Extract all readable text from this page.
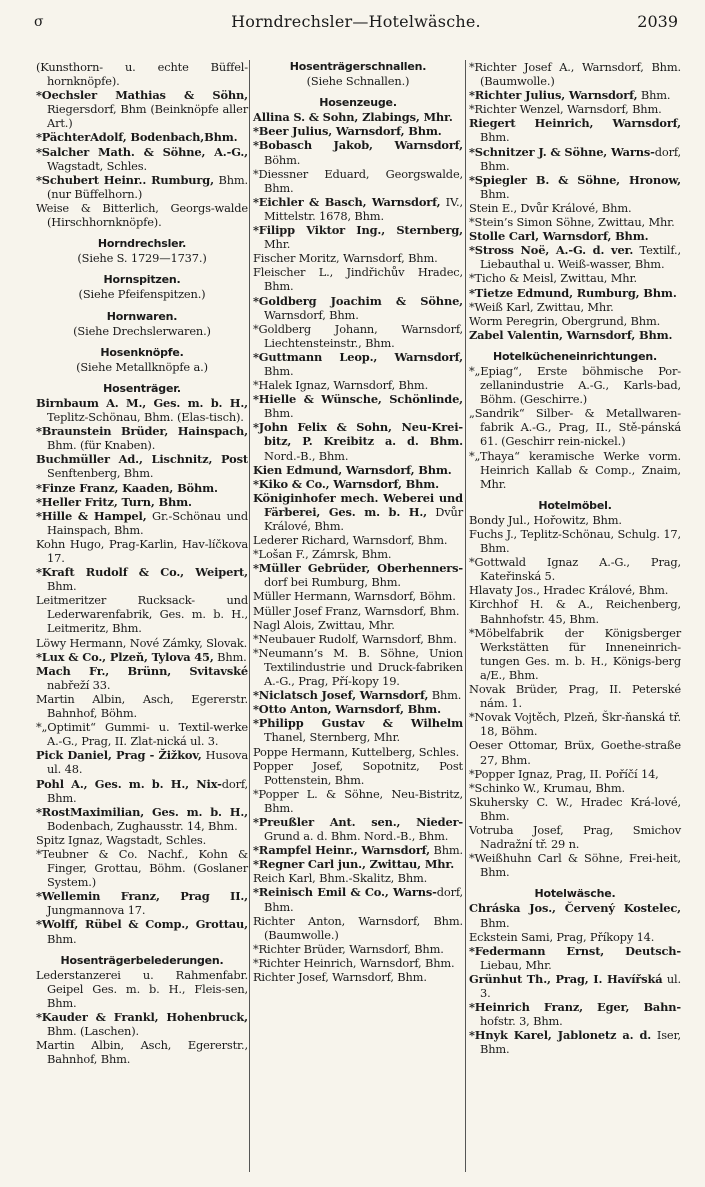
σ	Horndrechsler—Hotelwäsche.	2039
(Kunsthorn- u. echte Büffel-hornknöpfe).
*Oechsler Mathias & Söhn, Riegersdorf, Bhm (Beinknöpfe aller Art.)
*PächterAdolf, Bodenbach,Bhm.
*Salcher Math. & Söhne, A.-G., Wagstadt, Schles.
*Schubert Heinr.. Rumburg, Bhm. (nur Büffelhorn.)
Weise & Bitterlich, Georgs-walde (Hirschhornknöpfe).
Horndrechsler.
(Siehe S. 1729—1737.)
Hornspitzen.
(Siehe Pfeifenspitzen.)
Hornwaren.
(Siehe Drechslerwaren.)
Hosenknöpfe.
(Siehe Metallknöpfe a.)
Hosenträger.
Birnbaum A. M., Ges. m. b. H., Teplitz-Schönau, Bhm. (Elas-tisch).
*Braunstein Brüder, Hainspach, Bhm. (für Knaben).
Buchmüller Ad., Lischnitz, Post Senftenberg, Bhm.
*Finze Franz, Kaaden, Böhm.
*Heller Fritz, Turn, Bhm.
*Hille & Hampel, Gr.-Schönau und Hainspach, Bhm.
Kohn Hugo, Prag-Karlin, Hav-líčkova 17.
*Kraft Rudolf & Co., Weipert, Bhm.
Leitmeritzer Rucksack- und Lederwarenfabrik, Ges. m. b. H., Leitmeritz, Bhm.
Löwy Hermann, Nové Zámky, Slovak.
*Lux & Co., Plzeň, Tylova 45, Bhm.
Mach Fr., Brünn, Svitavské nabřeží 33.
Martin Albin, Asch, Egererstr. Bahnhof, Böhm.
*„Optimit“ Gummi- u. Textil-werke A.-G., Prag, II. Zlat-nická ul. 3.
Pick Daniel, Prag - Žižkov, Husova ul. 48.
Pohl A., Ges. m. b. H., Nix-dorf, Bhm.
*RostMaximilian, Ges. m. b. H., Bodenbach, Zughausstr. 14, Bhm.
Spitz Ignaz, Wagstadt, Schles.
*Teubner & Co. Nachf., Kohn & Finger, Grottau, Böhm. (Goslaner System.)
*Wellemin Franz, Prag II., Jungmannova 17.
*Wolff, Rübel & Comp., Grottau, Bhm.
Hosenträgerbelederungen.
Lederstanzerei u. Rahmenfabr. Geipel Ges. m. b. H., Fleis-sen, Bhm.
*Kauder & Frankl, Hohenbruck, Bhm. (Laschen).
Martin Albin, Asch, Egererstr., Bahnhof, Bhm.
Hosenträgerschnallen.
(Siehe Schnallen.)
Hosenzeuge.
Allina S. & Sohn, Zlabings, Mhr.
*Beer Julius, Warnsdorf, Bhm.
*Bobasch Jakob, Warnsdorf, Böhm.
*Diessner Eduard, Georgswalde, Bhm.
*Eichler & Basch, Warnsdorf, IV., Mittelstr. 1678, Bhm.
*Filipp Viktor Ing., Sternberg, Mhr.
Fischer Moritz, Warnsdorf, Bhm.
Fleischer L., Jindřichův Hradec, Bhm.
*Goldberg Joachim & Söhne, Warnsdorf, Bhm.
*Goldberg Johann, Warnsdorf, Liechtensteinstr., Bhm.
*Guttmann Leop., Warnsdorf, Bhm.
*Halek Ignaz, Warnsdorf, Bhm.
*Hielle & Wünsche, Schönlinde, Bhm.
*John Felix & Sohn, Neu-Krei-bitz, P. Kreibitz a. d. Bhm. Nord.-B., Bhm.
Kien Edmund, Warnsdorf, Bhm.
*Kiko & Co., Warnsdorf, Bhm.
Königinhofer mech. Weberei und Färberei, Ges. m. b. H., Dvůr Králové, Bhm.
Lederer Richard, Warnsdorf, Bhm.
*Lošan F., Zámrsk, Bhm.
*Müller Gebrüder, Oberhenners-dorf bei Rumburg, Bhm.
Müller Hermann, Warnsdorf, Böhm.
Müller Josef Franz, Warnsdorf, Bhm.
Nagl Alois, Zwittau, Mhr.
*Neubauer Rudolf, Warnsdorf, Bhm.
*Neumann’s M. B. Söhne, Union Textilindustrie und Druck-fabriken A.-G., Prag, Pří-kopy 19.
*Niclatsch Josef, Warnsdorf, Bhm.
*Otto Anton, Warnsdorf, Bhm.
*Philipp Gustav & Wilhelm Thanel, Sternberg, Mhr.
Poppe Hermann, Kuttelberg, Schles.
Popper Josef, Sopotnitz, Post Pottenstein, Bhm.
*Popper L. & Söhne, Neu-Bistritz, Bhm.
*Preußler Ant. sen., Nieder- Grund a. d. Bhm. Nord.-B., Bhm.
*Rampfel Heinr., Warnsdorf, Bhm.
*Regner Carl jun., Zwittau, Mhr.
Reich Karl, Bhm.-Skalitz, Bhm.
*Reinisch Emil & Co., Warns-dorf, Bhm.
Richter Anton, Warnsdorf, Bhm. (Baumwolle.)
*Richter Brüder, Warnsdorf, Bhm.
*Richter Heinrich, Warnsdorf, Bhm.
Richter Josef, Warnsdorf, Bhm.
*Richter Josef A., Warnsdorf, Bhm. (Baumwolle.)
*Richter Julius, Warnsdorf, Bhm.
*Richter Wenzel, Warnsdorf, Bhm.
Riegert Heinrich, Warnsdorf, Bhm.
*Schnitzer J. & Söhne, Warns-dorf, Bhm.
*Spiegler B. & Söhne, Hronow, Bhm.
Stein E., Dvůr Králové, Bhm.
*Stein’s Simon Söhne, Zwittau, Mhr.
Stolle Carl, Warnsdorf, Bhm.
*Stross Noë, A.-G. d. ver. Textilf., Liebauthal u. Weiß-wasser, Bhm.
*Ticho & Meisl, Zwittau, Mhr.
*Tietze Edmund, Rumburg, Bhm.
*Weiß Karl, Zwittau, Mhr.
Worm Peregrin, Obergrund, Bhm.
Zabel Valentin, Warnsdorf, Bhm.
Hotelkücheneinrichtungen.
*„Epiag“, Erste böhmische Por-zellanindustrie A.-G., Karls-bad, Böhm. (Geschirre.)
„Sandrik“ Silber- & Metallwaren-fabrik A.-G., Prag, II., Stě-pánská 61. (Geschirr rein-nickel.)
*„Thaya“ keramische Werke vorm. Heinrich Kallab & Comp., Znaim, Mhr.
Hotelmöbel.
Bondy Jul., Hořowitz, Bhm.
Fuchs J., Teplitz-Schönau, Schulg. 17, Bhm.
*Gottwald Ignaz A.-G., Prag, Kateřinská 5.
Hlavaty Jos., Hradec Králové, Bhm.
Kirchhof H. & A., Reichenberg, Bahnhofstr. 45, Bhm.
*Möbelfabrik der Königsberger Werkstätten für Inneneinrich-tungen Ges. m. b. H., Königs-berg a/E., Bhm.
Novak Brüder, Prag, II. Peterské nám. 1.
*Novak Vojtěch, Plzeň, Škr-ňanská tř. 18, Böhm.
Oeser Ottomar, Brüx, Goethe-straße 27, Bhm.
*Popper Ignaz, Prag, II. Poříčí 14,
*Schinko W., Krumau, Bhm.
Skuhersky C. W., Hradec Krá-lové, Bhm.
Votruba Josef, Prag, Smichov Nadražní tř. 29 n.
*Weißhuhn Carl & Söhne, Frei-heit, Bhm.
Hotelwäsche.
Chráska Jos., Červený Kostelec, Bhm.
Eckstein Sami, Prag, Příkopy 14.
*Federmann Ernst, Deutsch- Liebau, Mhr.
Grünhut Th., Prag, I. Havířská ul. 3.
*Heinrich Franz, Eger, Bahn-hofstr. 3, Bhm.
*Hnyk Karel, Jablonetz a. d. Iser, Bhm.
